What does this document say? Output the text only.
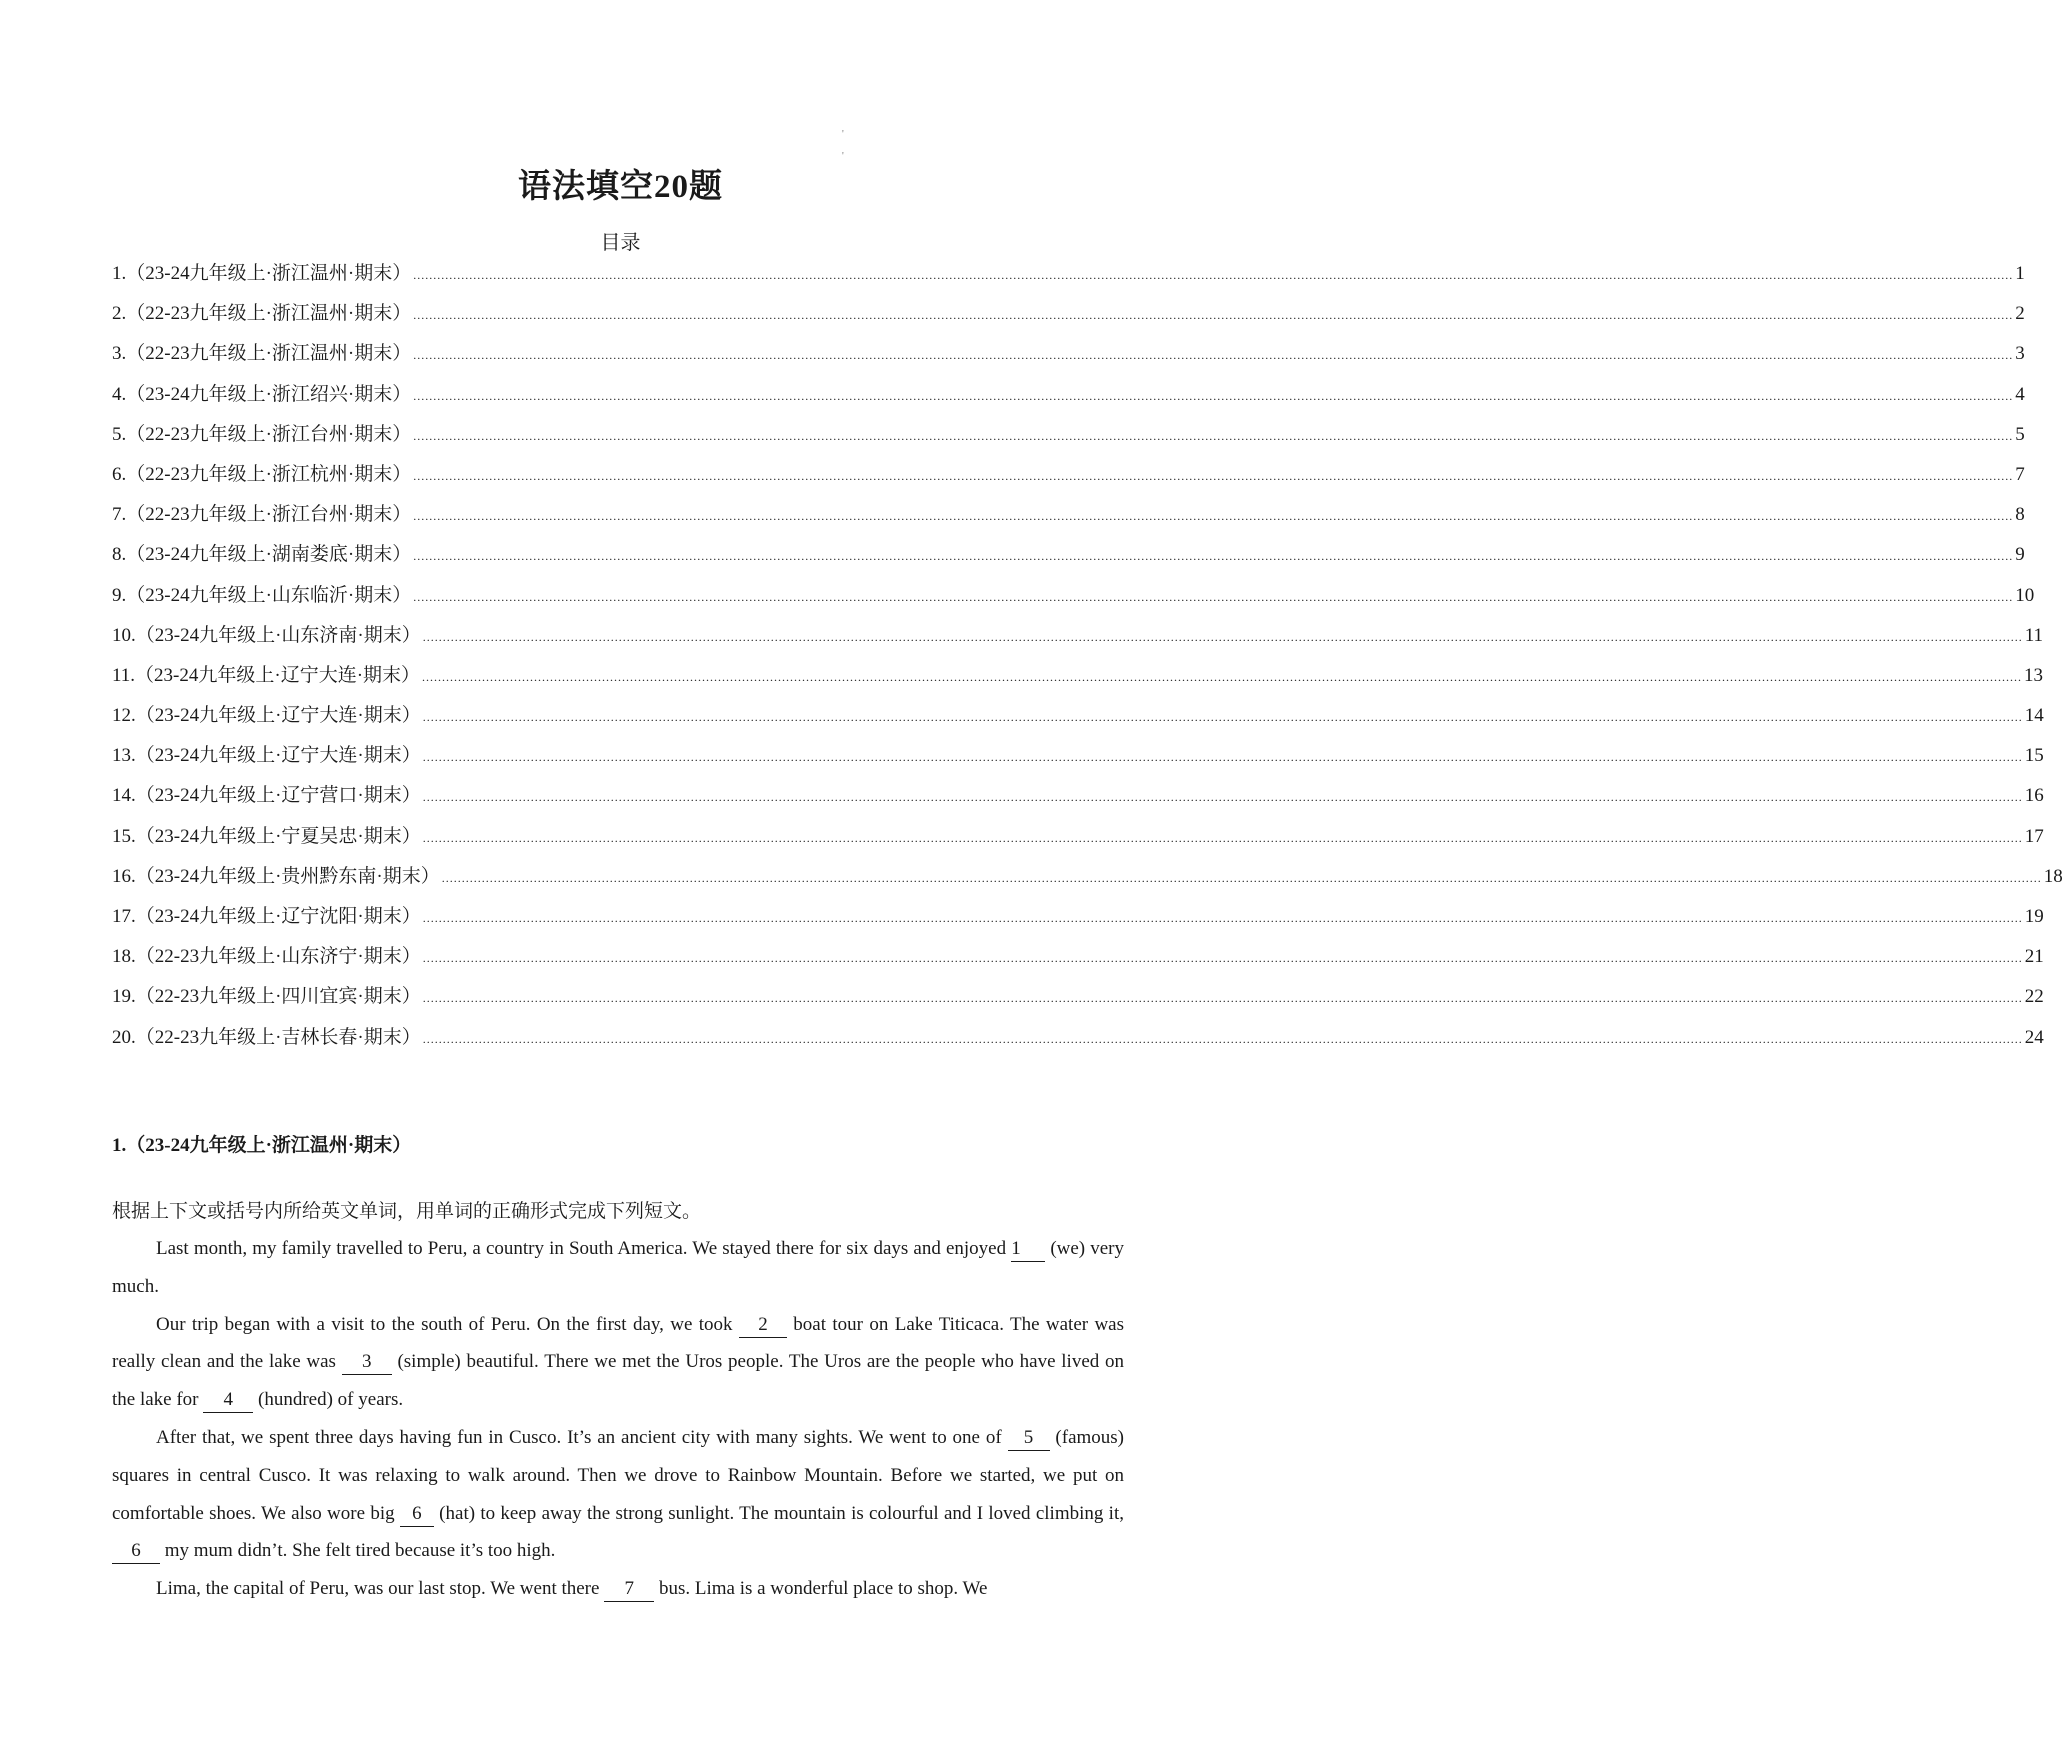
'
'
语法填空20题
目录
1.（23-24九年级上·浙江温州·期末） ................................................................................................................................................................................................................................................................................................................................................................................................................ 1
2.（22-23九年级上·浙江温州·期末） ................................................................................................................................................................................................................................................................................................................................................................................................................ 2
3.（22-23九年级上·浙江温州·期末） ................................................................................................................................................................................................................................................................................................................................................................................................................ 3
4.（23-24九年级上·浙江绍兴·期末） ................................................................................................................................................................................................................................................................................................................................................................................................................ 4
5.（22-23九年级上·浙江台州·期末） ................................................................................................................................................................................................................................................................................................................................................................................................................ 5
6.（22-23九年级上·浙江杭州·期末） ................................................................................................................................................................................................................................................................................................................................................................................................................ 7
7.（22-23九年级上·浙江台州·期末） ................................................................................................................................................................................................................................................................................................................................................................................................................ 8
8.（23-24九年级上·湖南娄底·期末） ................................................................................................................................................................................................................................................................................................................................................................................................................ 9
9.（23-24九年级上·山东临沂·期末） ................................................................................................................................................................................................................................................................................................................................................................................................................ 10
10.（23-24九年级上·山东济南·期末） ................................................................................................................................................................................................................................................................................................................................................................................................................ 11
11.（23-24九年级上·辽宁大连·期末） ................................................................................................................................................................................................................................................................................................................................................................................................................ 13
12.（23-24九年级上·辽宁大连·期末） ................................................................................................................................................................................................................................................................................................................................................................................................................ 14
13.（23-24九年级上·辽宁大连·期末） ................................................................................................................................................................................................................................................................................................................................................................................................................ 15
14.（23-24九年级上·辽宁营口·期末） ................................................................................................................................................................................................................................................................................................................................................................................................................ 16
15.（23-24九年级上·宁夏吴忠·期末） ................................................................................................................................................................................................................................................................................................................................................................................................................ 17
16.（23-24九年级上·贵州黔东南·期末） ................................................................................................................................................................................................................................................................................................................................................................................................................ 18
17.（23-24九年级上·辽宁沈阳·期末） ................................................................................................................................................................................................................................................................................................................................................................................................................ 19
18.（22-23九年级上·山东济宁·期末） ................................................................................................................................................................................................................................................................................................................................................................................................................ 21
19.（22-23九年级上·四川宜宾·期末） ................................................................................................................................................................................................................................................................................................................................................................................................................ 22
20.（22-23九年级上·吉林长春·期末） ................................................................................................................................................................................................................................................................................................................................................................................................................ 24
1.（23-24九年级上·浙江温州·期末）
根据上下文或括号内所给英文单词，用单词的正确形式完成下列短文。

Last month, my family travelled to Peru, a country in South America. We stayed there for six days and enjoyed 1 (we) very much.

Our trip began with a visit to the south of Peru. On the first day, we took 2 boat tour on Lake Titicaca. The water was really clean and the lake was 3 (simple) beautiful. There we met the Uros people. The Uros are the people who have lived on the lake for 4 (hundred) of years.

After that, we spent three days having fun in Cusco. It’s an ancient city with many sights. We went to one of 5 (famous) squares in central Cusco. It was relaxing to walk around. Then we drove to Rainbow Mountain. Before we started, we put on comfortable shoes. We also wore big 6 (hat) to keep away the strong sunlight. The mountain is colourful and I loved climbing it, 6 my mum didn’t. She felt tired because it’s too high.

Lima, the capital of Peru, was our last stop. We went there 7 bus. Lima is a wonderful place to shop. We
